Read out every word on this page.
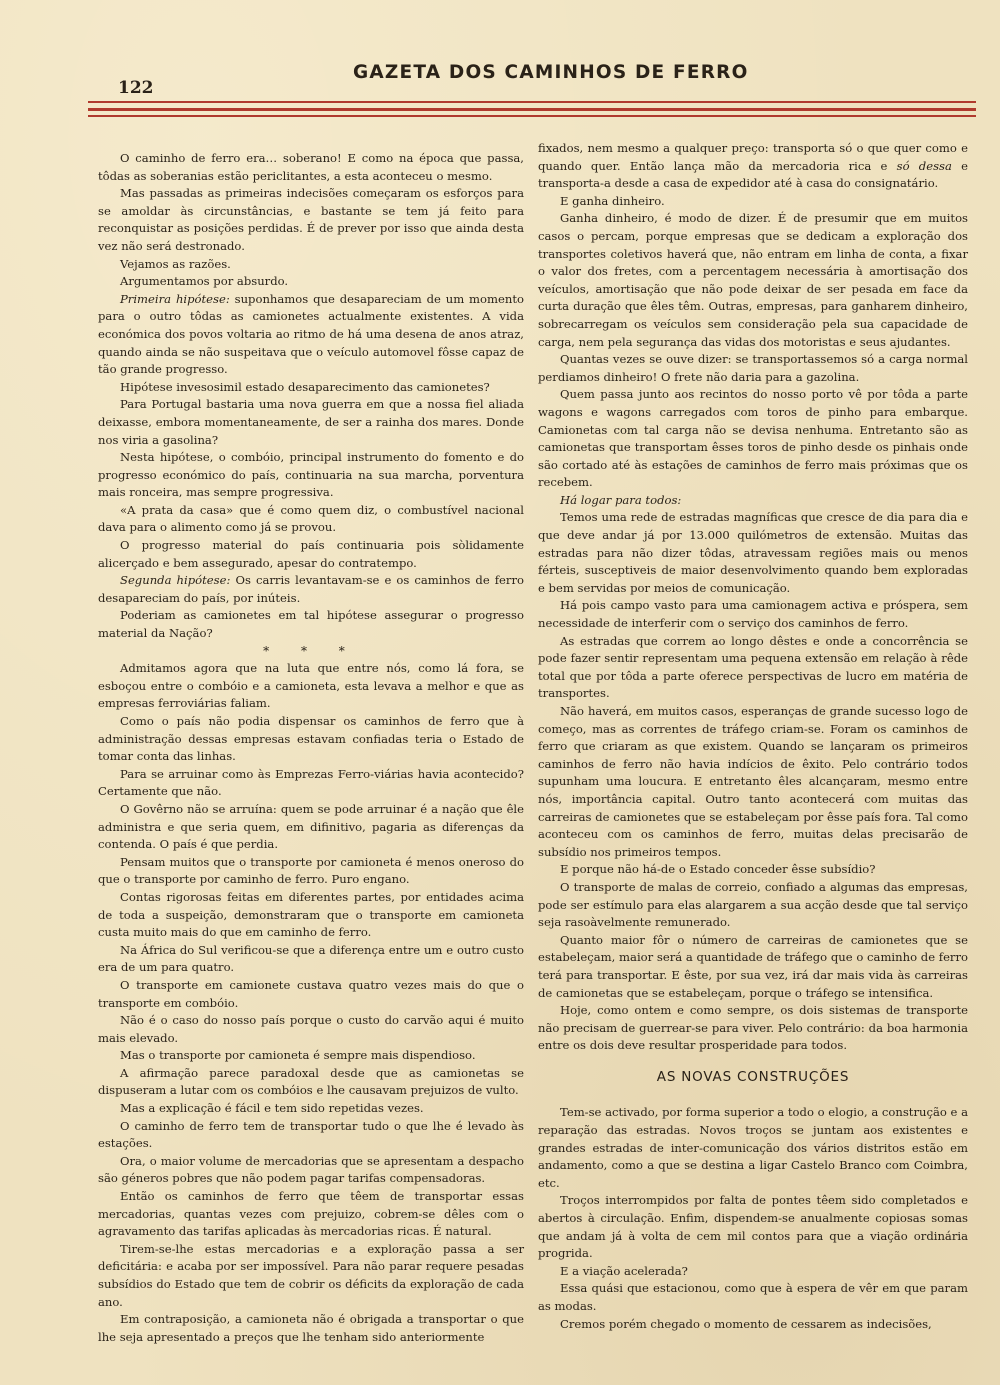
122
GAZETA DOS CAMINHOS DE FERRO

O caminho de ferro era… soberano! E como na época que passa, tôdas as soberanias estão periclitantes, a esta aconteceu o mesmo.

Mas passadas as primeiras indecisões começaram os esforços para se amoldar às circunstâncias, e bastante se tem já feito para reconquistar as posições perdidas. É de prever por isso que ainda desta vez não será destronado.

Vejamos as razões.

Argumentamos por absurdo.

Primeira hipótese: suponhamos que desapareciam de um momento para o outro tôdas as camionetes actualmente existentes. A vida económica dos povos voltaria ao ritmo de há uma desena de anos atraz, quando ainda se não suspeitava que o veículo automovel fôsse capaz de tão grande progresso.

Hipótese invesosimil estado desaparecimento das camionetes?

Para Portugal bastaria uma nova guerra em que a nossa fiel aliada deixasse, embora momentaneamente, de ser a rainha dos mares. Donde nos viria a gasolina?

Nesta hipótese, o combóio, principal instrumento do fomento e do progresso económico do país, continuaria na sua marcha, porventura mais ronceira, mas sempre progressiva.

«A prata da casa» que é como quem diz, o combustível nacional dava para o alimento como já se provou.

O progresso material do país continuaria pois sòlidamente alicerçado e bem assegurado, apesar do contratempo.

Segunda hipótese: Os carris levantavam-se e os caminhos de ferro desapareciam do país, por inúteis.

Poderiam as camionetes em tal hipótese assegurar o progresso material da Nação?

* * *

Admitamos agora que na luta que entre nós, como lá fora, se esboçou entre o combóio e a camioneta, esta levava a melhor e que as empresas ferroviárias faliam.

Como o país não podia dispensar os caminhos de ferro que à administração dessas empresas estavam confiadas teria o Estado de tomar conta das linhas.

Para se arruinar como às Emprezas Ferro-viárias havia acontecido? Certamente que não.

O Govêrno não se arruína: quem se pode arruinar é a nação que êle administra e que seria quem, em difinitivo, pagaria as diferenças da contenda. O país é que perdia.

Pensam muitos que o transporte por camioneta é menos oneroso do que o transporte por caminho de ferro. Puro engano.

Contas rigorosas feitas em diferentes partes, por entidades acima de toda a suspeição, demonstraram que o transporte em camioneta custa muito mais do que em caminho de ferro.

Na África do Sul verificou-se que a diferença entre um e outro custo era de um para quatro.

O transporte em camionete custava quatro vezes mais do que o transporte em combóio.

Não é o caso do nosso país porque o custo do carvão aqui é muito mais elevado.

Mas o transporte por camioneta é sempre mais dispendioso.

A afirmação parece paradoxal desde que as camionetas se dispuseram a lutar com os combóios e lhe causavam prejuizos de vulto.

Mas a explicação é fácil e tem sido repetidas vezes.

O caminho de ferro tem de transportar tudo o que lhe é levado às estações.

Ora, o maior volume de mercadorias que se apresentam a despacho são géneros pobres que não podem pagar tarifas compensadoras.

Então os caminhos de ferro que têem de transportar essas mercadorias, quantas vezes com prejuizo, cobrem-se dêles com o agravamento das tarifas aplicadas às mercadorias ricas. É natural.

Tirem-se-lhe estas mercadorias e a exploração passa a ser deficitária: e acaba por ser impossível. Para não parar requere pesadas subsídios do Estado que tem de cobrir os déficits da exploração de cada ano.

Em contraposição, a camioneta não é obrigada a transportar o que lhe seja apresentado a preços que lhe tenham sido anteriormente

fixados, nem mesmo a qualquer preço: transporta só o que quer como e quando quer. Então lança mão da mercadoria rica e só dessa e transporta-a desde a casa de expedidor até à casa do consignatário.

E ganha dinheiro.

Ganha dinheiro, é modo de dizer. É de presumir que em muitos casos o percam, porque empresas que se dedicam a exploração dos transportes coletivos haverá que, não entram em linha de conta, a fixar o valor dos fretes, com a percentagem necessária à amortisação dos veículos, amortisação que não pode deixar de ser pesada em face da curta duração que êles têm. Outras, empresas, para ganharem dinheiro, sobrecarregam os veículos sem consideração pela sua capacidade de carga, nem pela segurança das vidas dos motoristas e seus ajudantes.

Quantas vezes se ouve dizer: se transportassemos só a carga normal perdiamos dinheiro! O frete não daria para a gazolina.

Quem passa junto aos recintos do nosso porto vê por tôda a parte wagons e wagons carregados com toros de pinho para embarque. Camionetas com tal carga não se devisa nenhuma. Entretanto são as camionetas que transportam êsses toros de pinho desde os pinhais onde são cortado até às estações de caminhos de ferro mais próximas que os recebem.

Há logar para todos:

Temos uma rede de estradas magníficas que cresce de dia para dia e que deve andar já por 13.000 quilómetros de extensão. Muitas das estradas para não dizer tôdas, atravessam regiões mais ou menos férteis, susceptiveis de maior desenvolvimento quando bem exploradas e bem servidas por meios de comunicação.

Há pois campo vasto para uma camionagem activa e próspera, sem necessidade de interferir com o serviço dos caminhos de ferro.

As estradas que correm ao longo dêstes e onde a concorrência se pode fazer sentir representam uma pequena extensão em relação à rêde total que por tôda a parte oferece perspectivas de lucro em matéria de transportes.

Não haverá, em muitos casos, esperanças de grande sucesso logo de começo, mas as correntes de tráfego criam-se. Foram os caminhos de ferro que criaram as que existem. Quando se lançaram os primeiros caminhos de ferro não havia indícios de êxito. Pelo contrário todos supunham uma loucura. E entretanto êles alcançaram, mesmo entre nós, importância capital. Outro tanto acontecerá com muitas das carreiras de camionetes que se estabeleçam por êsse país fora. Tal como aconteceu com os caminhos de ferro, muitas delas precisarão de subsídio nos primeiros tempos.

E porque não há-de o Estado conceder êsse subsídio?

O transporte de malas de correio, confiado a algumas das empresas, pode ser estímulo para elas alargarem a sua acção desde que tal serviço seja rasoàvelmente remunerado.

Quanto maior fôr o número de carreiras de camionetes que se estabeleçam, maior será a quantidade de tráfego que o caminho de ferro terá para transportar. E êste, por sua vez, irá dar mais vida às carreiras de camionetas que se estabeleçam, porque o tráfego se intensifica.

Hoje, como ontem e como sempre, os dois sistemas de transporte não precisam de guerrear-se para viver. Pelo contrário: da boa harmonia entre os dois deve resultar prosperidade para todos.

AS NOVAS CONSTRUÇÕES

Tem-se activado, por forma superior a todo o elogio, a construção e a reparação das estradas. Novos troços se juntam aos existentes e grandes estradas de inter-comunicação dos vários distritos estão em andamento, como a que se destina a ligar Castelo Branco com Coimbra, etc.

Troços interrompidos por falta de pontes têem sido completados e abertos à circulação. Enfim, dispendem-se anualmente copiosas somas que andam já à volta de cem mil contos para que a viação ordinária progrida.

E a viação acelerada?

Essa quási que estacionou, como que à espera de vêr em que param as modas.

Cremos porém chegado o momento de cessarem as indecisões,
